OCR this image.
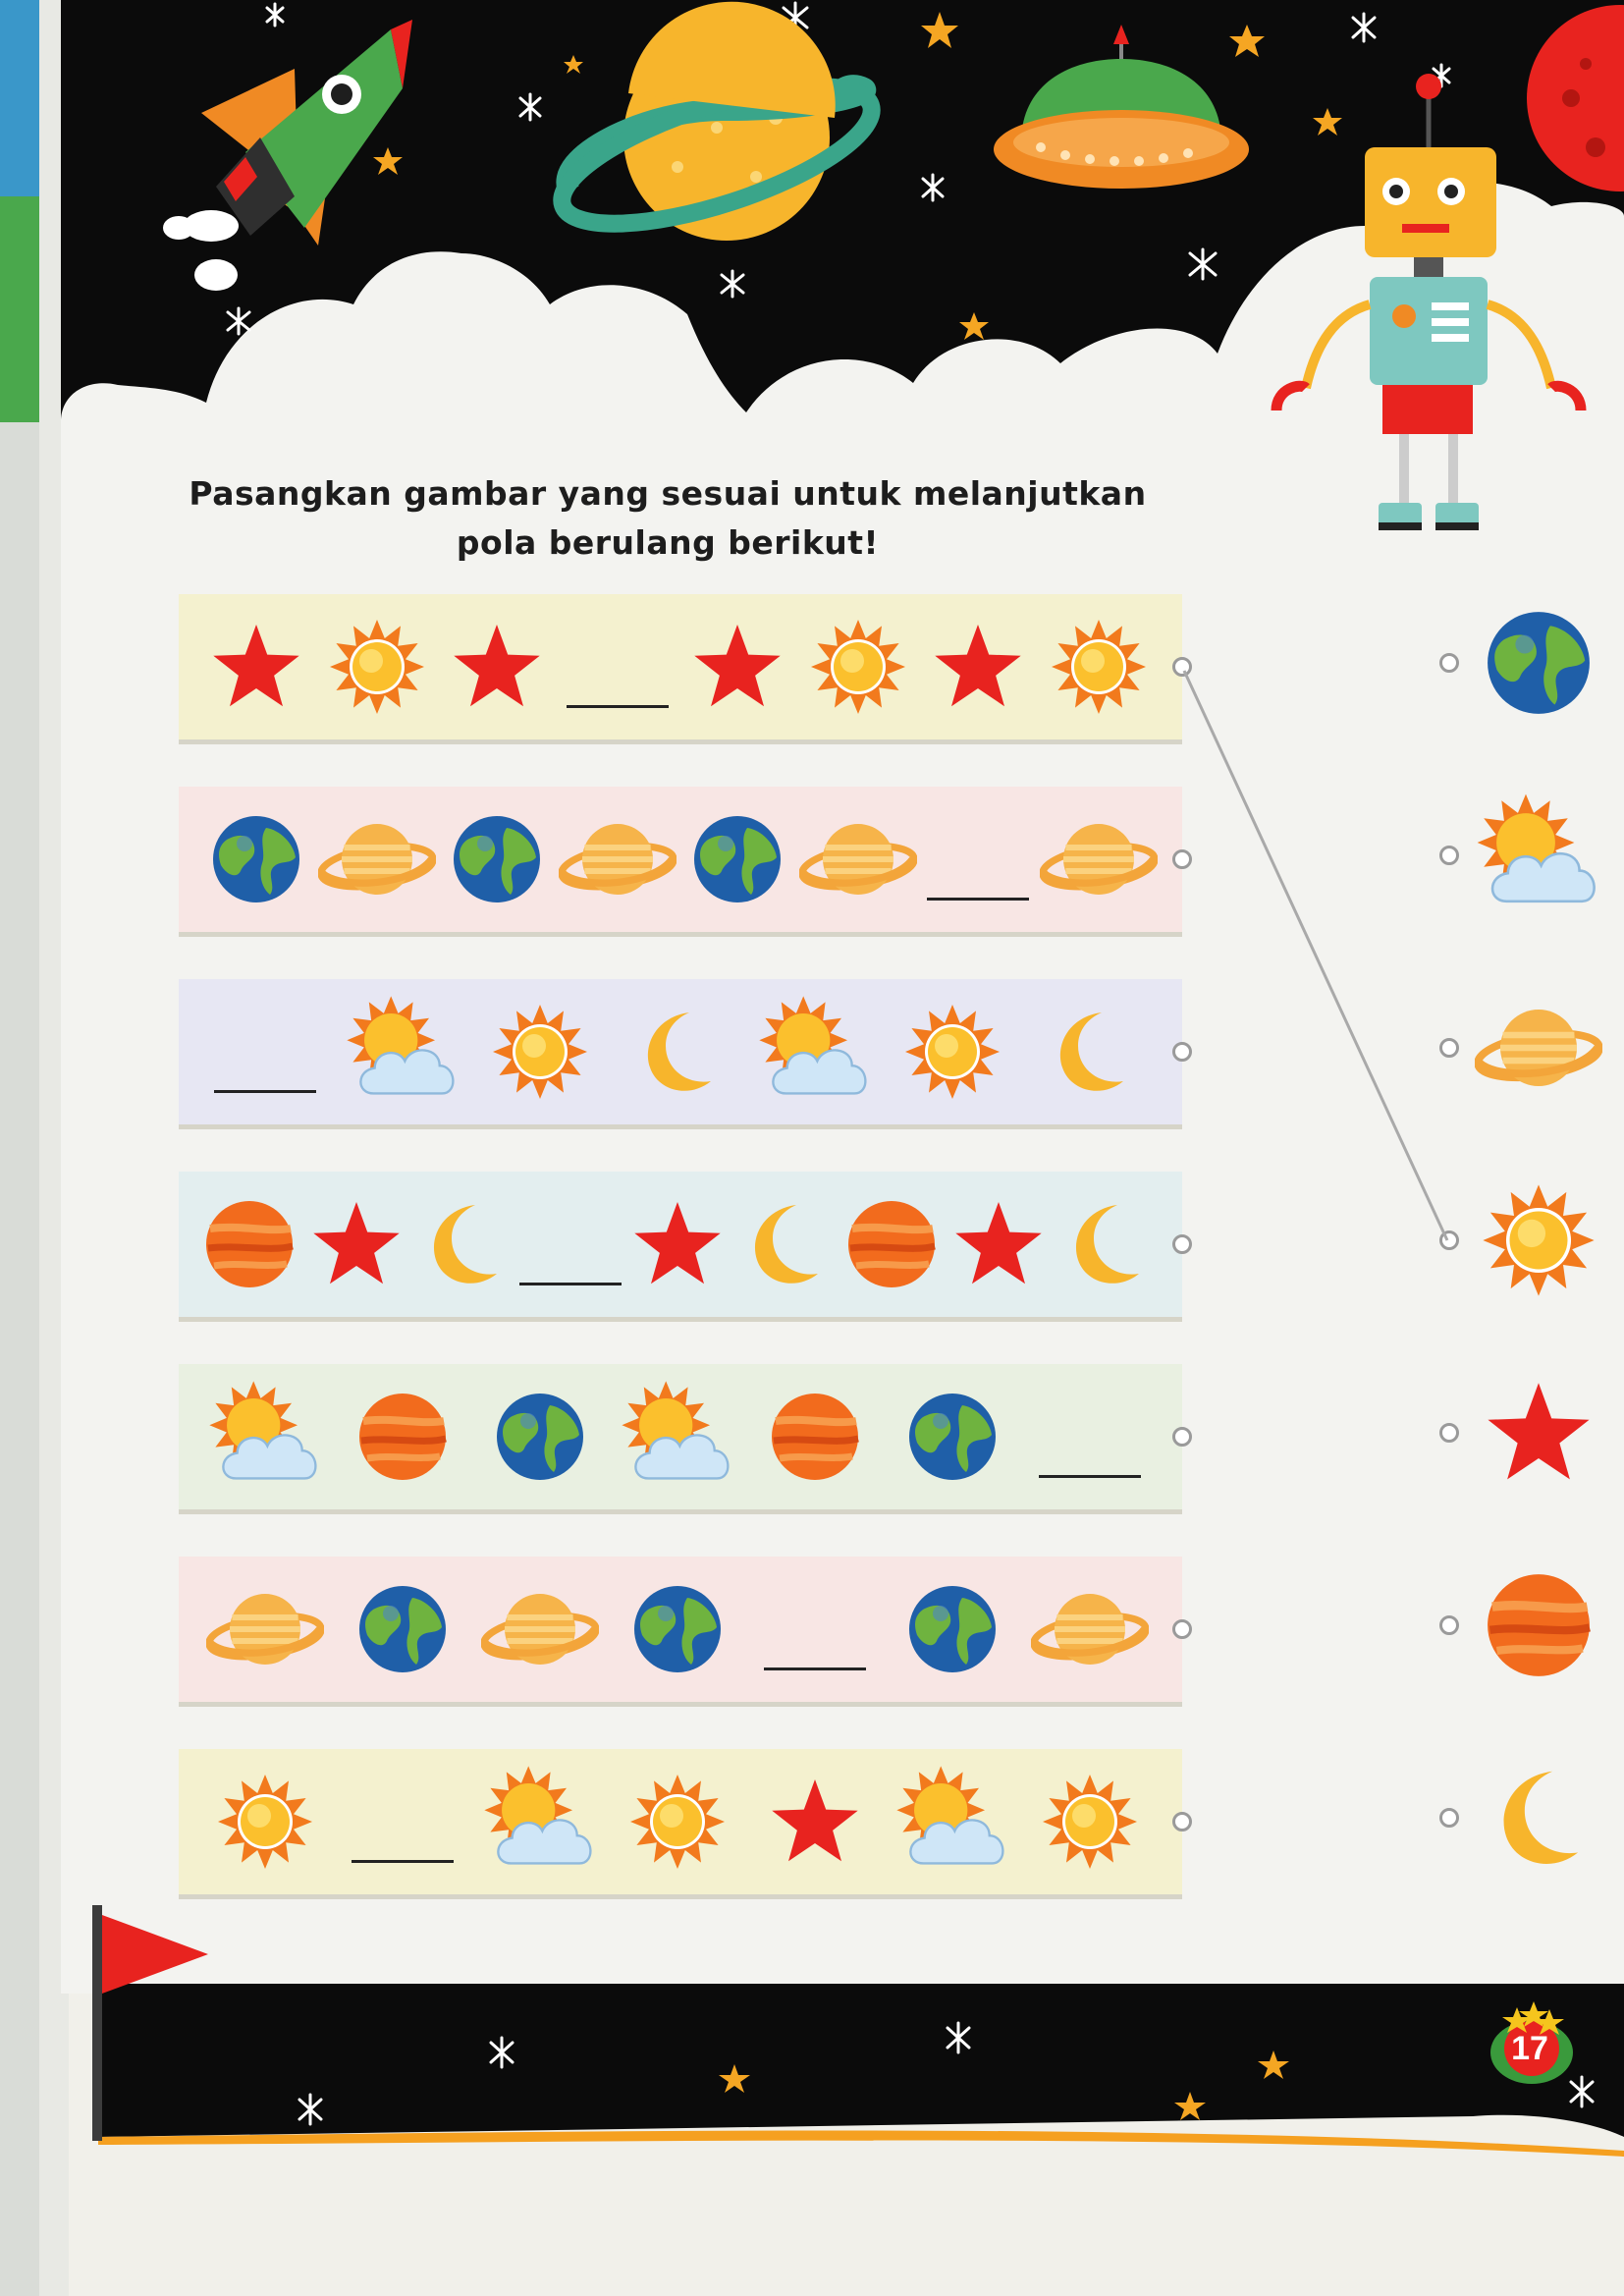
17
Pasangkan gambar yang sesuai untuk melanjutkan
pola berulang berikut!
